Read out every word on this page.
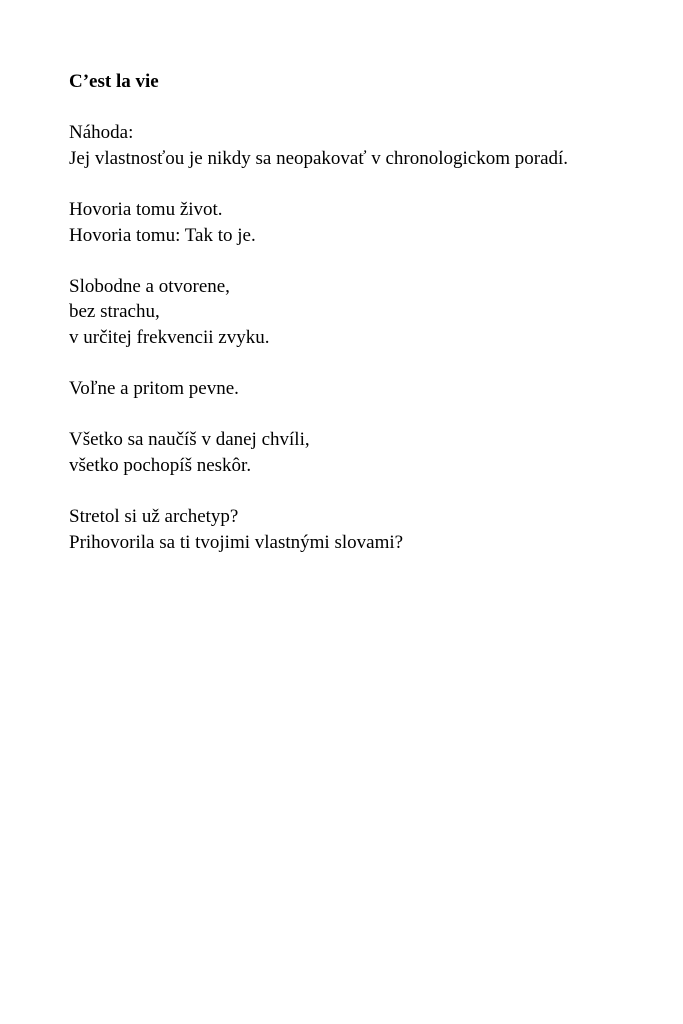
C’est la vie
Náhoda:
Jej vlastnosťou je nikdy sa neopakovať v chronologickom poradí.
Hovoria tomu život.
Hovoria tomu: Tak to je.
Slobodne a otvorene,
bez strachu,
v určitej frekvencii zvyku.
Voľne a pritom pevne.
Všetko sa naučíš v danej chvíli,
všetko pochopíš neskôr.
Stretol si už archetyp?
Prihovorila sa ti tvojimi vlastnými slovami?
